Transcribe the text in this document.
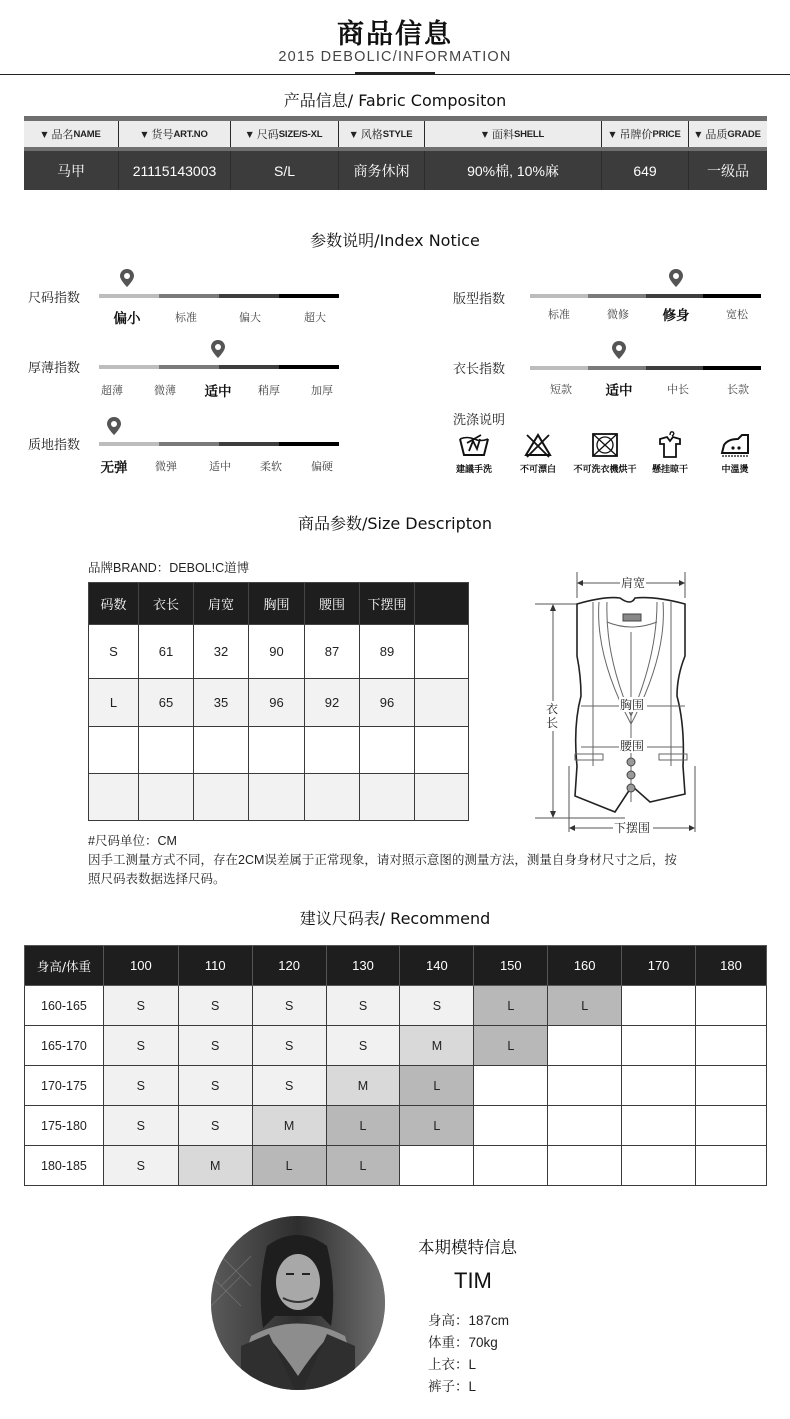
商品信息
2015 DEBOLIC/INFORMATION
产品信息/ Fabric Compositon
▼ 品名 NAME	▼ 货号 ART.NO	▼ 尺码 SIZE/S-XL	▼ 风格 STYLE	▼ 面料 SHELL	▼ 吊牌价 PRICE ▼ 品质 GRADE
马甲	21115143003	S/L	商务休闲	90%棉, 10%麻	649	一级品
参数说明/Index Notice
尺码指数
偏小	标准	偏大	超大
厚薄指数
超薄	微薄	适中	稍厚	加厚
质地指数
无弹	微弹	适中	柔软	偏硬
版型指数
标准	微修	修身	宽松
衣长指数
短款	适中	中长	长款
洗涤说明
建議手洗	不可漂白	不可洗衣機烘干	懸挂晾干	中溫燙
商品参数/Size Descripton
品牌BRAND：DEBOL!C道博
码数	衣长	肩宽	胸围	腰围	下摆围	
S	61	32	90	87	89	
L	65	35	96	92	96	

肩宽
胸围
腰围
下摆围
衣长
#尺码单位：CM
因手工测量方式不同，存在2CM误差属于正常现象，请对照示意图的测量方法，测量自身身材尺寸之后，按
照尺码表数据选择尺码。
建议尺码表/ Recommend
身高/体重	100	110	120	130	140	150	160	170	180
160-165	S	S	S	S	S	L	L		
165-170	S	S	S	S	M	L			
170-175	S	S	S	M	L				
175-180	S	S	M	L	L				
180-185	S	M	L	L					
本期模特信息
TIM
身高：187cm
体重：70kg
上衣：L
裤子：L
